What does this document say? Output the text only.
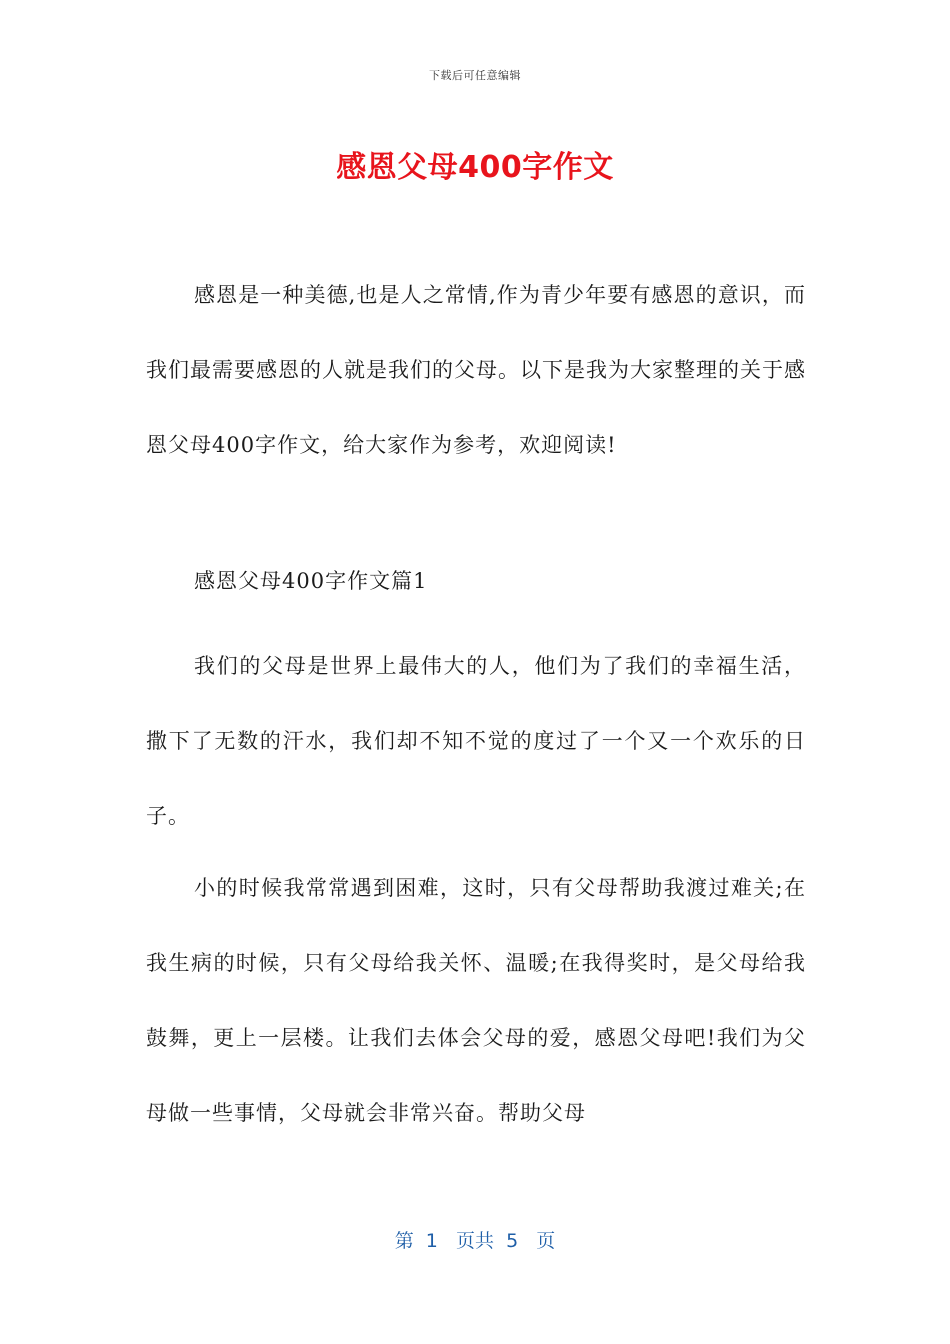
下载后可任意编辑
感恩父母400字作文

感恩是一种美德,也是人之常情,作为青少年要有感恩的意识，而我们最需要感恩的人就是我们的父母。以下是我为大家整理的关于感恩父母400字作文，给大家作为参考，欢迎阅读!

感恩父母400字作文篇1

我们的父母是世界上最伟大的人，他们为了我们的幸福生活，撒下了无数的汗水，我们却不知不觉的度过了一个又一个欢乐的日子。

小的时候我常常遇到困难，这时，只有父母帮助我渡过难关;在我生病的时候，只有父母给我关怀、温暖;在我得奖时，是父母给我鼓舞，更上一层楼。让我们去体会父母的爱，感恩父母吧!我们为父母做一些事情，父母就会非常兴奋。帮助父母

第  1   页共  5   页
